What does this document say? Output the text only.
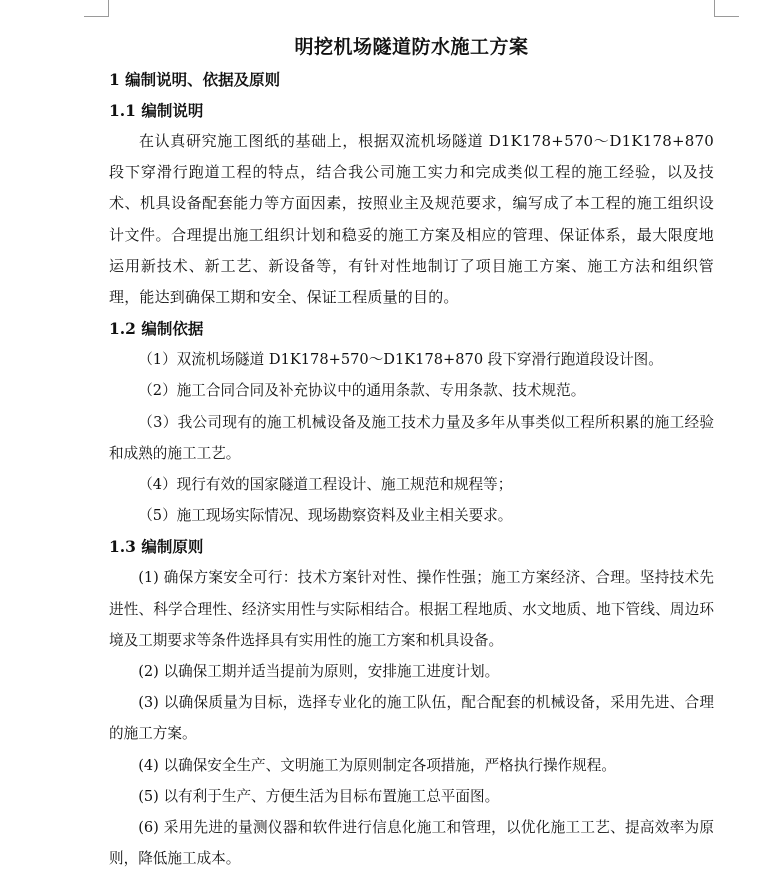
明挖机场隧道防水施工方案
1 编制说明、依据及原则
1.1 编制说明

在认真研究施工图纸的基础上，根据双流机场隧道 D1K178+570～D1K178+870 段下穿滑行跑道工程的特点，结合我公司施工实力和完成类似工程的施工经验，以及技术、机具设备配套能力等方面因素，按照业主及规范要求，编写成了本工程的施工组织设计文件。合理提出施工组织计划和稳妥的施工方案及相应的管理、保证体系，最大限度地运用新技术、新工艺、新设备等，有针对性地制订了项目施工方案、施工方法和组织管理，能达到确保工期和安全、保证工程质量的目的。

1.2 编制依据

（1）双流机场隧道 D1K178+570～D1K178+870 段下穿滑行跑道段设计图。

（2）施工合同合同及补充协议中的通用条款、专用条款、技术规范。

（3）我公司现有的施工机械设备及施工技术力量及多年从事类似工程所积累的施工经验和成熟的施工工艺。

（4）现行有效的国家隧道工程设计、施工规范和规程等；

（5）施工现场实际情况、现场勘察资料及业主相关要求。

1.3 编制原则

(1) 确保方案安全可行：技术方案针对性、操作性强；施工方案经济、合理。坚持技术先进性、科学合理性、经济实用性与实际相结合。根据工程地质、水文地质、地下管线、周边环境及工期要求等条件选择具有实用性的施工方案和机具设备。

(2) 以确保工期并适当提前为原则，安排施工进度计划。

(3) 以确保质量为目标，选择专业化的施工队伍，配合配套的机械设备，采用先进、合理的施工方案。

(4) 以确保安全生产、文明施工为原则制定各项措施，严格执行操作规程。

(5) 以有利于生产、方便生活为目标布置施工总平面图。

(6) 采用先进的量测仪器和软件进行信息化施工和管理，以优化施工工艺、提高效率为原则，降低施工成本。
